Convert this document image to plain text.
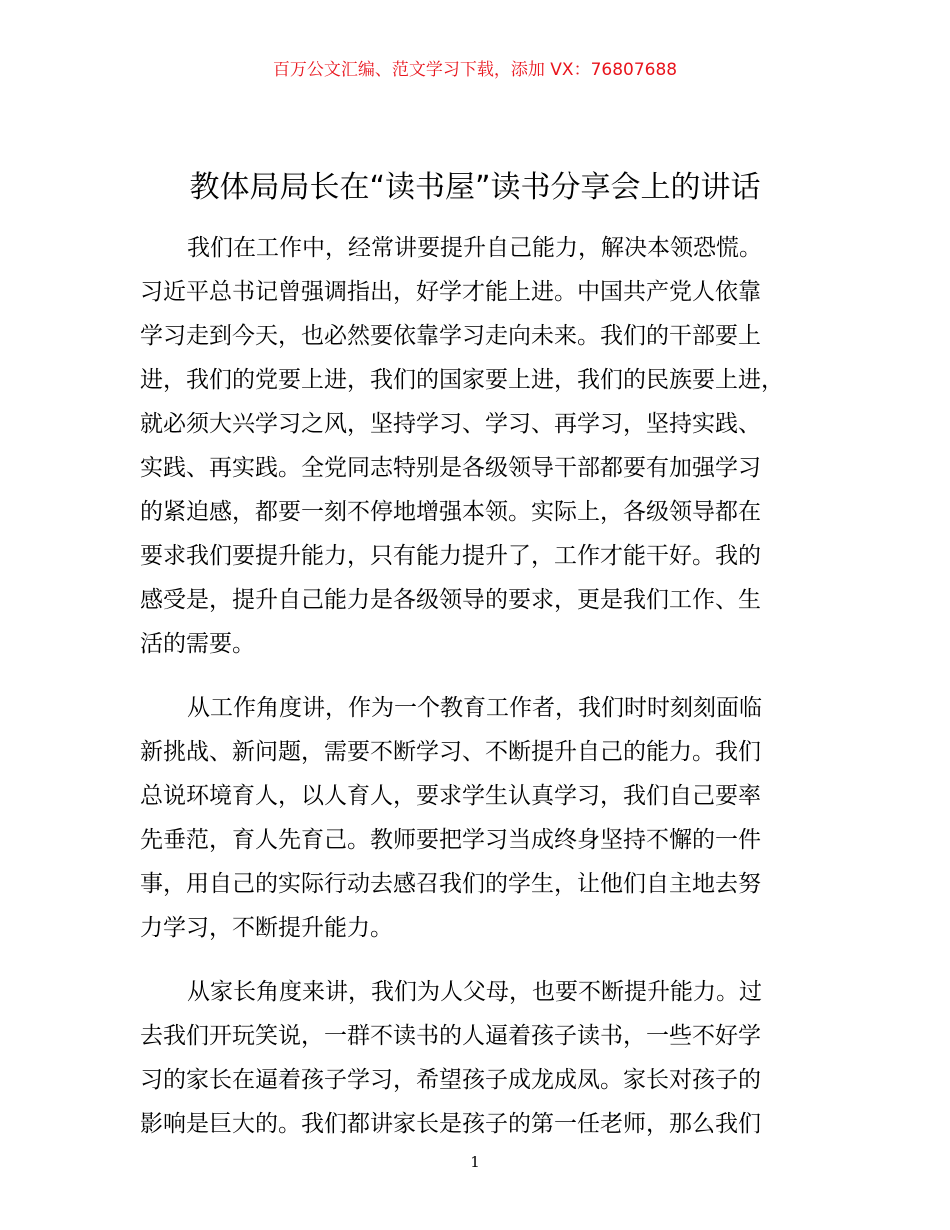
百万公文汇编、范文学习下载，添加 VX：76807688
教体局局长在“读书屋”读书分享会上的讲话

我们在工作中，经常讲要提升自己能力，解决本领恐慌。
习近平总书记曾强调指出，好学才能上进。中国共产党人依靠
学习走到今天，也必然要依靠学习走向未来。我们的干部要上
进，我们的党要上进，我们的国家要上进，我们的民族要上进，
就必须大兴学习之风，坚持学习、学习、再学习，坚持实践、
实践、再实践。全党同志特别是各级领导干部都要有加强学习
的紧迫感，都要一刻不停地增强本领。实际上，各级领导都在
要求我们要提升能力，只有能力提升了，工作才能干好。我的
感受是，提升自己能力是各级领导的要求，更是我们工作、生
活的需要。

从工作角度讲，作为一个教育工作者，我们时时刻刻面临
新挑战、新问题，需要不断学习、不断提升自己的能力。我们
总说环境育人，以人育人，要求学生认真学习，我们自己要率
先垂范，育人先育己。教师要把学习当成终身坚持不懈的一件
事，用自己的实际行动去感召我们的学生，让他们自主地去努
力学习，不断提升能力。

从家长角度来讲，我们为人父母，也要不断提升能力。过
去我们开玩笑说，一群不读书的人逼着孩子读书，一些不好学
习的家长在逼着孩子学习，希望孩子成龙成凤。家长对孩子的
影响是巨大的。我们都讲家长是孩子的第一任老师，那么我们

1
